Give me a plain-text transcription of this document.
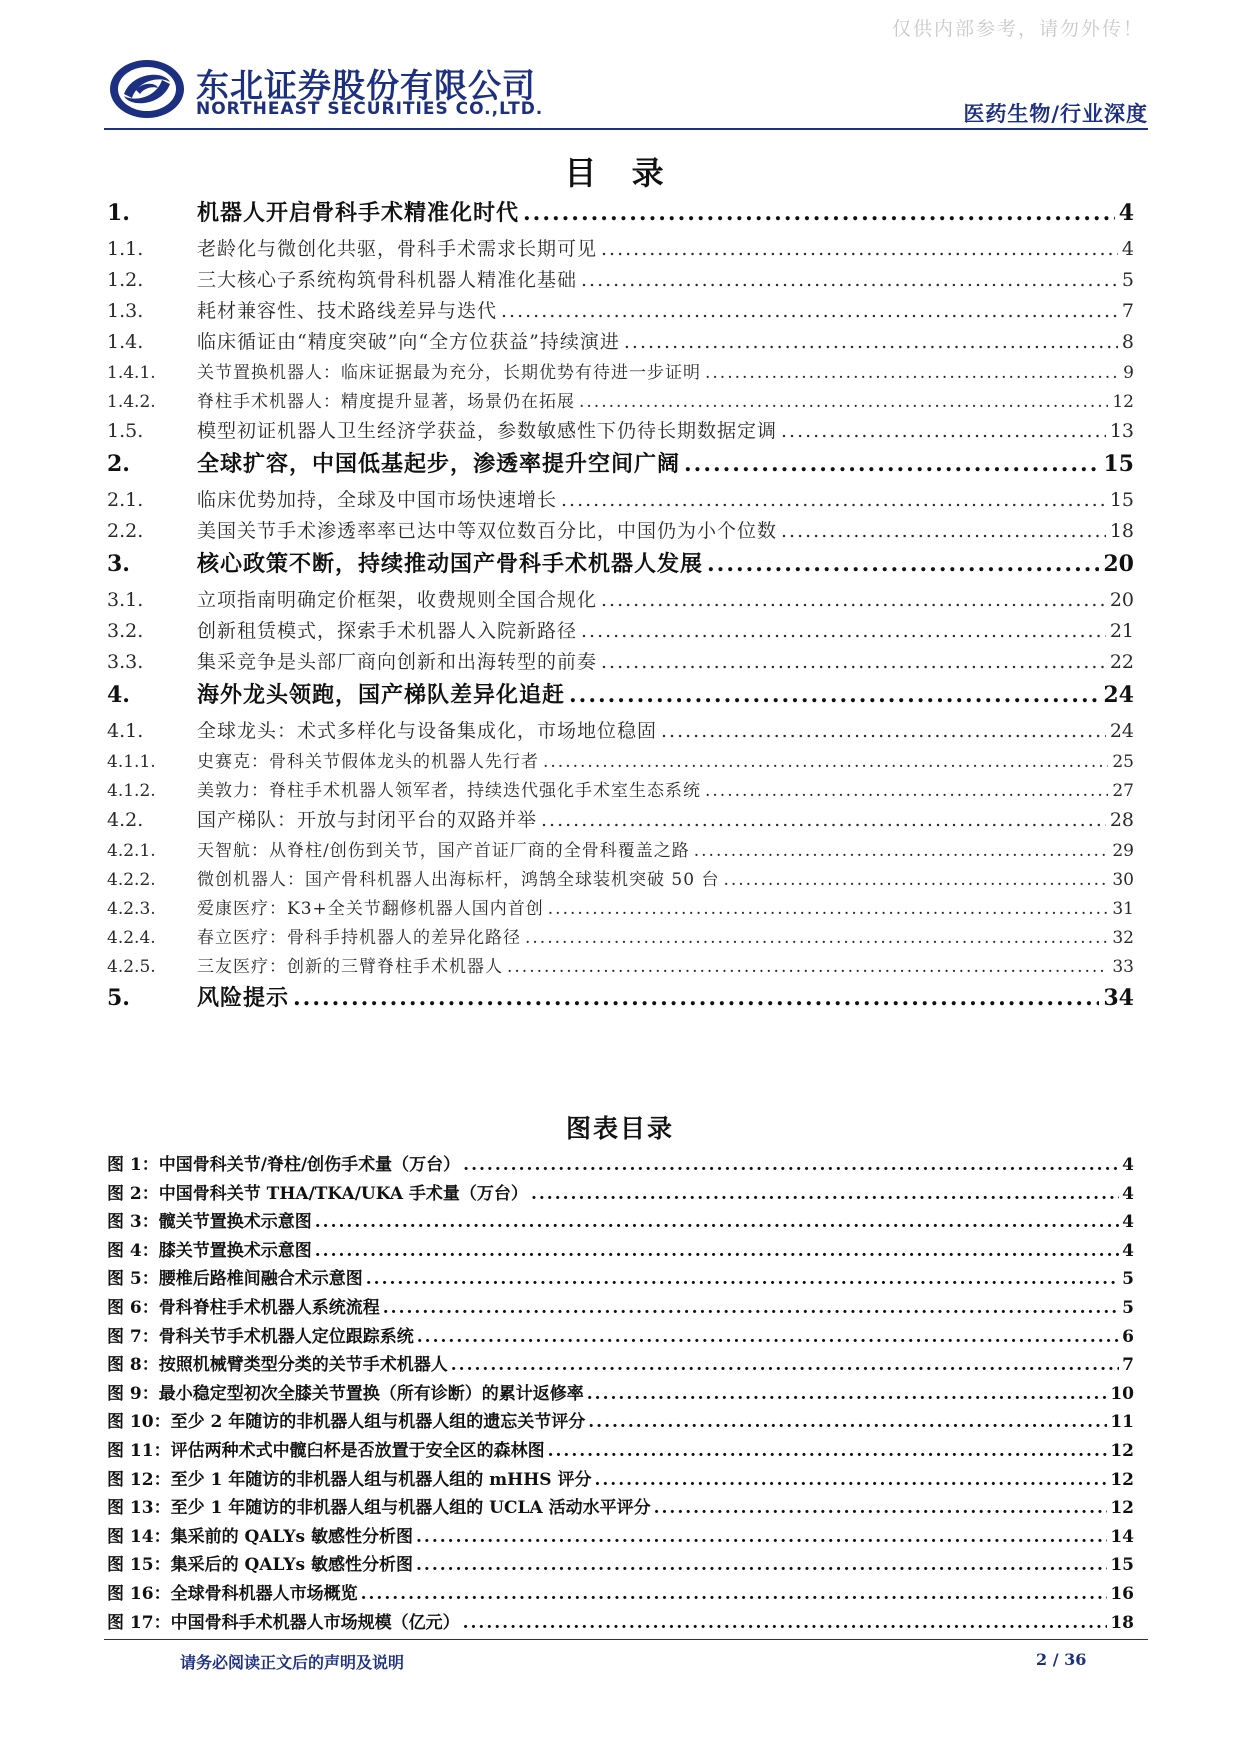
仅供内部参考，请勿外传！
东北证券股份有限公司
NORTHEAST SECURITIES CO.,LTD.	医药生物/行业深度
目 录
1.	机器人开启骨科手术精准化时代 .....	4
1.1.	老龄化与微创化共驱，骨科手术需求长期可见 .....	4
1.2.	三大核心子系统构筑骨科机器人精准化基础 .....	5
1.3.	耗材兼容性、技术路线差异与迭代 .....	7
1.4.	临床循证由“精度突破”向“全方位获益”持续演进 .....	8
1.4.1.	关节置换机器人：临床证据最为充分，长期优势有待进一步证明 .....	9
1.4.2.	脊柱手术机器人：精度提升显著，场景仍在拓展 .....	12
1.5.	模型初证机器人卫生经济学获益，参数敏感性下仍待长期数据定调 .....	13
2.	全球扩容，中国低基起步，渗透率提升空间广阔 .....	15
2.1.	临床优势加持，全球及中国市场快速增长 .....	15
2.2.	美国关节手术渗透率率已达中等双位数百分比，中国仍为小个位数 .....	18
3.	核心政策不断，持续推动国产骨科手术机器人发展 .....	20
3.1.	立项指南明确定价框架，收费规则全国合规化 .....	20
3.2.	创新租赁模式，探索手术机器人入院新路径 .....	21
3.3.	集采竞争是头部厂商向创新和出海转型的前奏 .....	22
4.	海外龙头领跑，国产梯队差异化追赶 .....	24
4.1.	全球龙头：术式多样化与设备集成化，市场地位稳固 .....	24
4.1.1.	史赛克：骨科关节假体龙头的机器人先行者 .....	25
4.1.2.	美敦力：脊柱手术机器人领军者，持续迭代强化手术室生态系统 .....	27
4.2.	国产梯队：开放与封闭平台的双路并举 .....	28
4.2.1.	天智航：从脊柱/创伤到关节，国产首证厂商的全骨科覆盖之路 .....	29
4.2.2.	微创机器人：国产骨科机器人出海标杆，鸿鹄全球装机突破 50 台 .....	30
4.2.3.	爱康医疗：K3+全关节翻修机器人国内首创 .....	31
4.2.4.	春立医疗：骨科手持机器人的差异化路径 .....	32
4.2.5.	三友医疗：创新的三臂脊柱手术机器人 .....	33
5.	风险提示 .....	34
图表目录
图 1：中国骨科关节/脊柱/创伤手术量（万台） .....	4
图 2：中国骨科关节 THA/TKA/UKA 手术量（万台） .....	4
图 3：髋关节置换术示意图 .....	4
图 4：膝关节置换术示意图 .....	4
图 5：腰椎后路椎间融合术示意图 .....	5
图 6：骨科脊柱手术机器人系统流程 .....	5
图 7：骨科关节手术机器人定位跟踪系统 .....	6
图 8：按照机械臂类型分类的关节手术机器人 .....	7
图 9：最小稳定型初次全膝关节置换（所有诊断）的累计返修率 .....	10
图 10：至少 2 年随访的非机器人组与机器人组的遗忘关节评分 .....	11
图 11：评估两种术式中髋臼杯是否放置于安全区的森林图 .....	12
图 12：至少 1 年随访的非机器人组与机器人组的 mHHS 评分 .....	12
图 13：至少 1 年随访的非机器人组与机器人组的 UCLA 活动水平评分 .....	12
图 14：集采前的 QALYs 敏感性分析图 .....	14
图 15：集采后的 QALYs 敏感性分析图 .....	15
图 16：全球骨科机器人市场概览 .....	16
图 17：中国骨科手术机器人市场规模（亿元） .....	18
请务必阅读正文后的声明及说明	2 / 36
